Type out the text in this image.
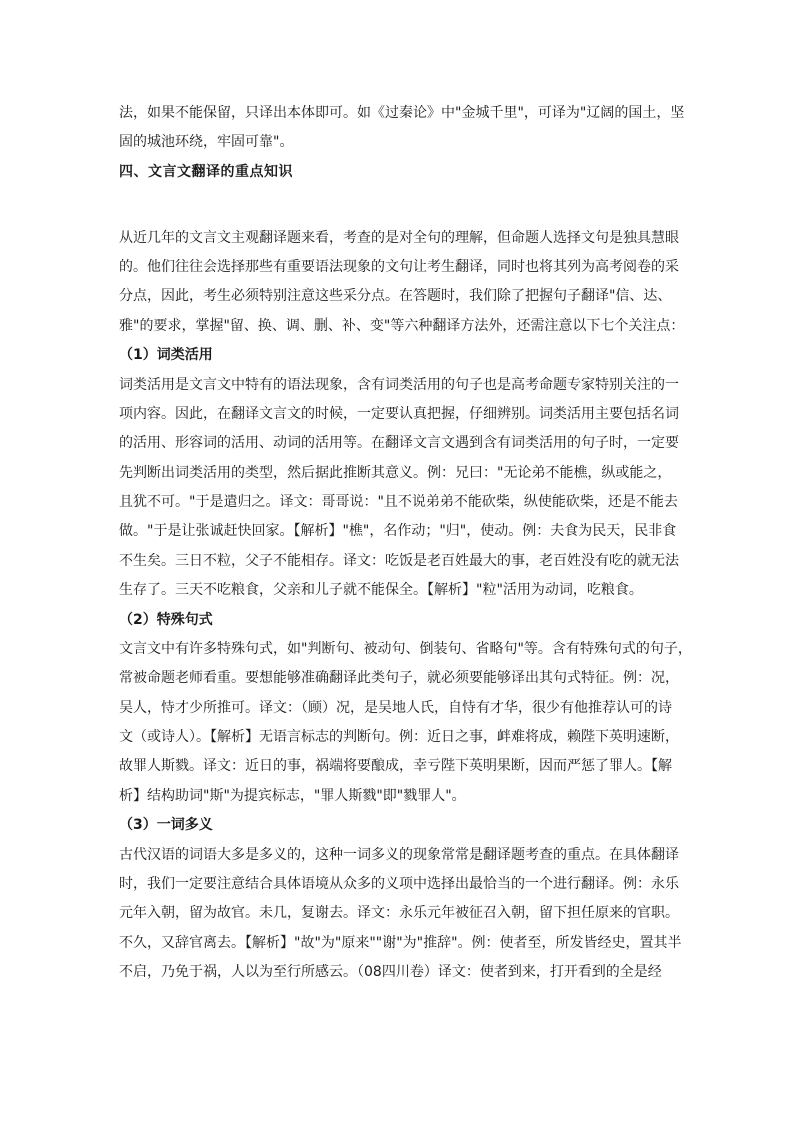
法，如果不能保留，只译出本体即可。如《过秦论》中"金城千里"，可译为"辽阔的国土，坚
固的城池环绕，牢固可靠"。
四、文言文翻译的重点知识
从近几年的文言文主观翻译题来看，考查的是对全句的理解，但命题人选择文句是独具慧眼
的。他们往往会选择那些有重要语法现象的文句让考生翻译，同时也将其列为高考阅卷的采
分点，因此，考生必须特别注意这些采分点。在答题时，我们除了把握句子翻译"信、达、
雅"的要求，掌握"留、换、调、删、补、变"等六种翻译方法外，还需注意以下七个关注点：
（1）词类活用
词类活用是文言文中特有的语法现象，含有词类活用的句子也是高考命题专家特别关注的一
项内容。因此，在翻译文言文的时候，一定要认真把握，仔细辨别。词类活用主要包括名词
的活用、形容词的活用、动词的活用等。在翻译文言文遇到含有词类活用的句子时，一定要
先判断出词类活用的类型，然后据此推断其意义。例：兄曰："无论弟不能樵，纵或能之，
且犹不可。"于是遣归之。译文：哥哥说："且不说弟弟不能砍柴，纵使能砍柴，还是不能去
做。"于是让张诚赶快回家。【解析】"樵"，名作动；"归"，使动。例：夫食为民天，民非食
不生矣。三日不粒，父子不能相存。译文：吃饭是老百姓最大的事，老百姓没有吃的就无法
生存了。三天不吃粮食，父亲和儿子就不能保全。【解析】"粒"活用为动词，吃粮食。
（2）特殊句式
文言文中有许多特殊句式，如"判断句、被动句、倒装句、省略句"等。含有特殊句式的句子，
常被命题老师看重。要想能够准确翻译此类句子，就必须要能够译出其句式特征。例：况，
吴人，恃才少所推可。译文：（顾）况，是吴地人氏，自恃有才华，很少有他推荐认可的诗
文（或诗人）。【解析】无语言标志的判断句。例：近日之事，衅难将成，赖陛下英明速断，
故罪人斯戮。译文：近日的事，祸端将要酿成，幸亏陛下英明果断，因而严惩了罪人。【解
析】结构助词"斯"为提宾标志，"罪人斯戮"即"戮罪人"。
（3）一词多义
古代汉语的词语大多是多义的，这种一词多义的现象常常是翻译题考查的重点。在具体翻译
时，我们一定要注意结合具体语境从众多的义项中选择出最恰当的一个进行翻译。例：永乐
元年入朝，留为故官。未几，复谢去。译文：永乐元年被征召入朝，留下担任原来的官职。
不久，又辞官离去。【解析】"故"为"原来""谢"为"推辞"。例：使者至，所发皆经史，置其半
不启，乃免于祸，人以为至行所感云。（08四川卷）译文：使者到来，打开看到的全是经
